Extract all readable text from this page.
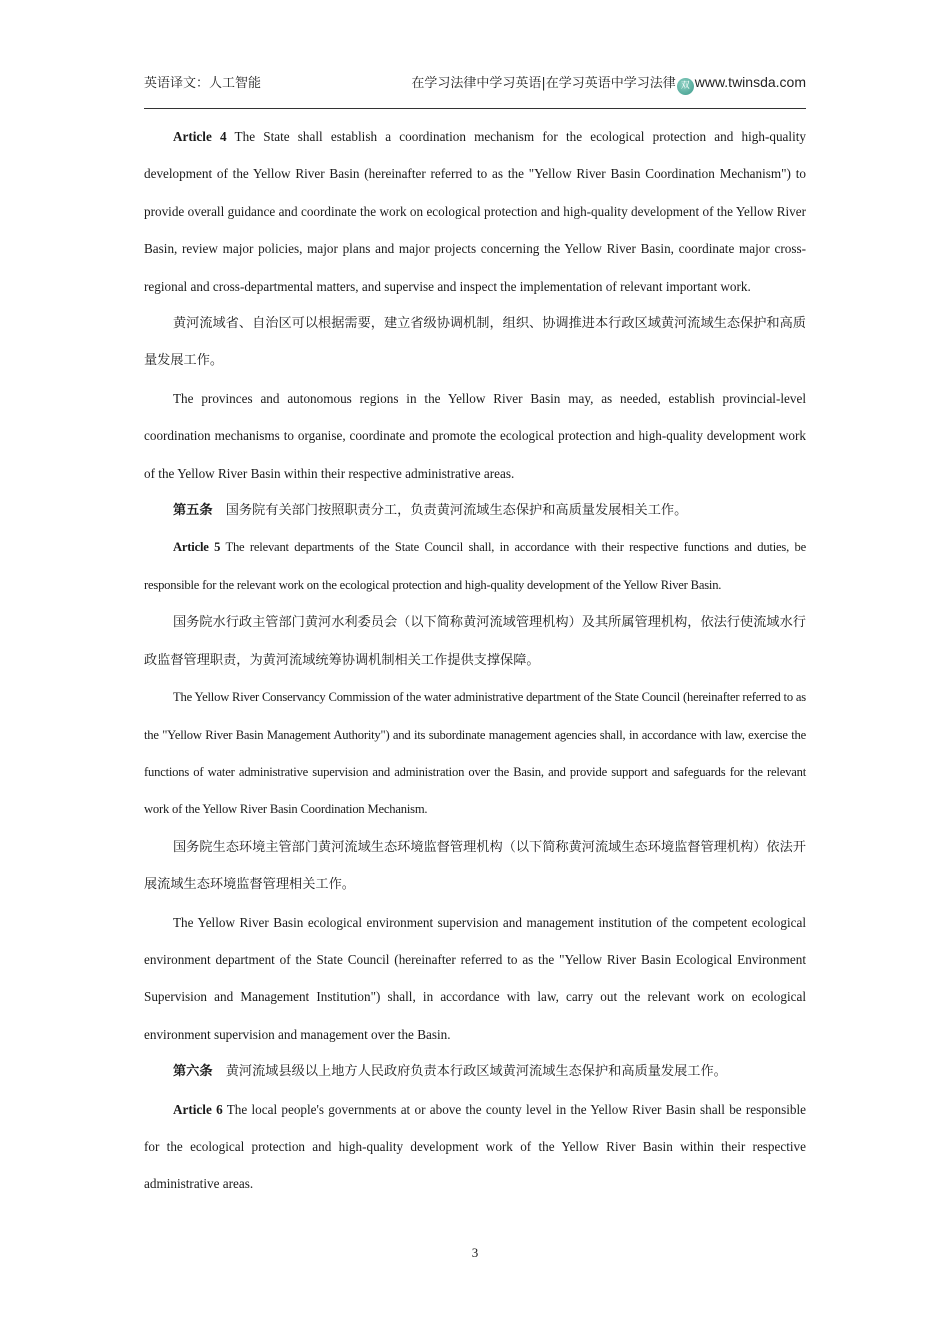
英语译文：人工智能	在学习法律中学习英语|在学习英语中学习法律 双 www.twinsda.com

Article 4 The State shall establish a coordination mechanism for the ecological protection and high-quality development of the Yellow River Basin (hereinafter referred to as the "Yellow River Basin Coordination Mechanism") to provide overall guidance and coordinate the work on ecological protection and high-quality development of the Yellow River Basin, review major policies, major plans and major projects concerning the Yellow River Basin, coordinate major cross-regional and cross-departmental matters, and supervise and inspect the implementation of relevant important work.

黄河流域省、自治区可以根据需要，建立省级协调机制，组织、协调推进本行政区域黄河流域生态保护和高质量发展工作。

The provinces and autonomous regions in the Yellow River Basin may, as needed, establish provincial-level coordination mechanisms to organise, coordinate and promote the ecological protection and high-quality development work of the Yellow River Basin within their respective administrative areas.

第五条　国务院有关部门按照职责分工，负责黄河流域生态保护和高质量发展相关工作。

Article 5 The relevant departments of the State Council shall, in accordance with their respective functions and duties, be responsible for the relevant work on the ecological protection and high-quality development of the Yellow River Basin.

国务院水行政主管部门黄河水利委员会（以下简称黄河流域管理机构）及其所属管理机构，依法行使流域水行政监督管理职责，为黄河流域统筹协调机制相关工作提供支撑保障。

The Yellow River Conservancy Commission of the water administrative department of the State Council (hereinafter referred to as the "Yellow River Basin Management Authority") and its subordinate management agencies shall, in accordance with law, exercise the functions of water administrative supervision and administration over the Basin, and provide support and safeguards for the relevant work of the Yellow River Basin Coordination Mechanism.

国务院生态环境主管部门黄河流域生态环境监督管理机构（以下简称黄河流域生态环境监督管理机构）依法开展流域生态环境监督管理相关工作。

The Yellow River Basin ecological environment supervision and management institution of the competent ecological environment department of the State Council (hereinafter referred to as the "Yellow River Basin Ecological Environment Supervision and Management Institution") shall, in accordance with law, carry out the relevant work on ecological environment supervision and management over the Basin.

第六条　黄河流域县级以上地方人民政府负责本行政区域黄河流域生态保护和高质量发展工作。

Article 6 The local people's governments at or above the county level in the Yellow River Basin shall be responsible for the ecological protection and high-quality development work of the Yellow River Basin within their respective administrative areas.

3
